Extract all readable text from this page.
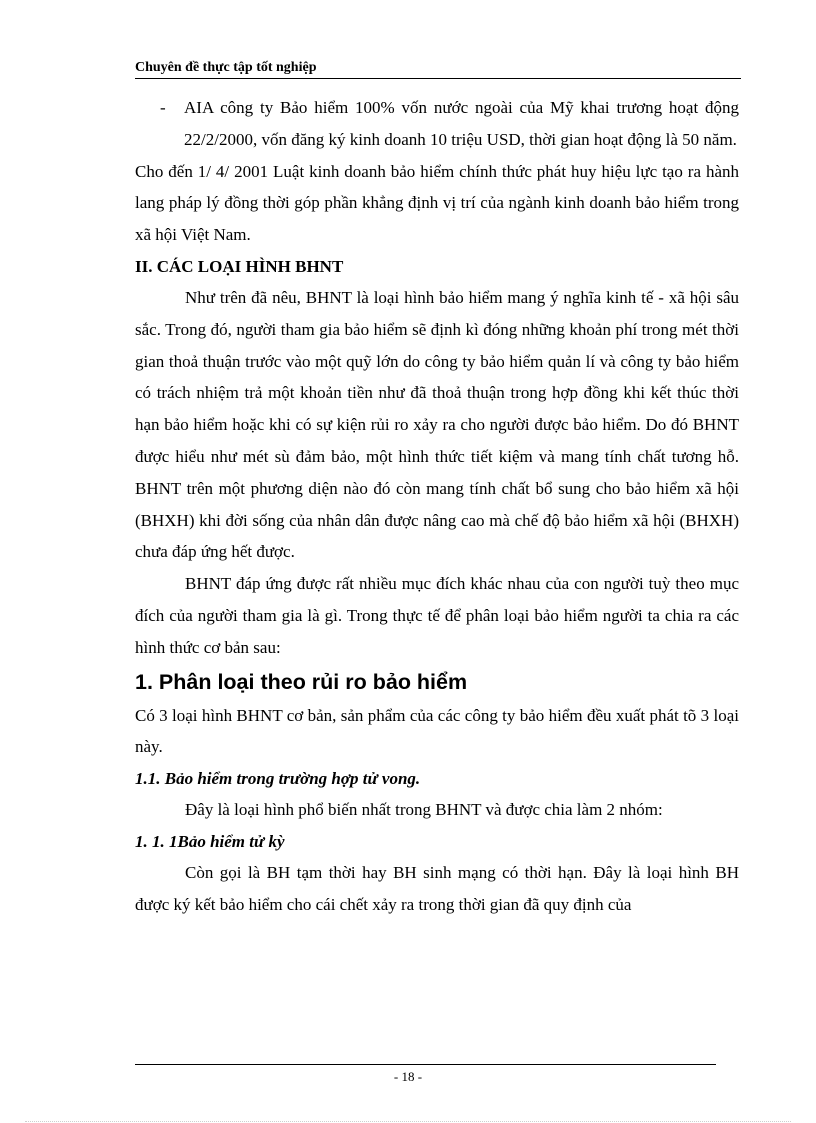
Chuyên đề thực tập tốt nghiệp

- AIA công ty Bảo hiểm 100% vốn nước ngoài của Mỹ khai trương hoạt động 22/2/2000, vốn đăng ký kinh doanh 10 triệu USD, thời gian hoạt động là 50 năm.

Cho đến 1/ 4/ 2001 Luật kinh doanh bảo hiểm chính thức phát huy hiệu lực tạo ra hành lang pháp lý đồng thời góp phần khẳng định vị trí của ngành kinh doanh bảo hiểm trong xã hội Việt Nam.

II. CÁC LOẠI HÌNH BHNT

Như trên đã nêu, BHNT là loại hình bảo hiểm mang ý nghĩa kinh tế - xã hội sâu sắc. Trong đó, người tham gia bảo hiểm sẽ định kì đóng những khoản phí trong mét thời gian thoả thuận trước vào một quỹ lớn do công ty bảo hiểm quản lí và công ty bảo hiểm có trách nhiệm trả một khoản tiền như đã thoả thuận trong hợp đồng khi kết thúc thời hạn bảo hiểm hoặc khi có sự kiện rủi ro xảy ra cho người được bảo hiểm. Do đó BHNT được hiểu như mét sù đảm bảo, một hình thức tiết kiệm và mang tính chất tương hỗ. BHNT trên một phương diện nào đó còn mang tính chất bổ sung cho bảo hiểm xã hội (BHXH) khi đời sống của nhân dân được nâng cao mà chế độ bảo hiểm xã hội (BHXH) chưa đáp ứng hết được.

BHNT đáp ứng được rất nhiều mục đích khác nhau của con người tuỳ theo mục đích của người tham gia là gì. Trong thực tế để phân loại bảo hiểm người ta chia ra các hình thức cơ bản sau:

1. Phân loại theo rủi ro bảo hiểm

Có 3 loại hình BHNT cơ bản, sản phẩm của các công ty bảo hiểm đều xuất phát tõ 3 loại này.

1.1. Bảo hiểm trong trường hợp tử vong.

Đây là loại hình phổ biến nhất trong BHNT và được chia làm 2 nhóm:

1. 1. 1Bảo hiểm tử kỳ

Còn gọi là BH tạm thời hay BH sinh mạng có thời hạn. Đây là loại hình BH được ký kết bảo hiểm cho cái chết xảy ra trong thời gian đã quy định của

- 18 -
